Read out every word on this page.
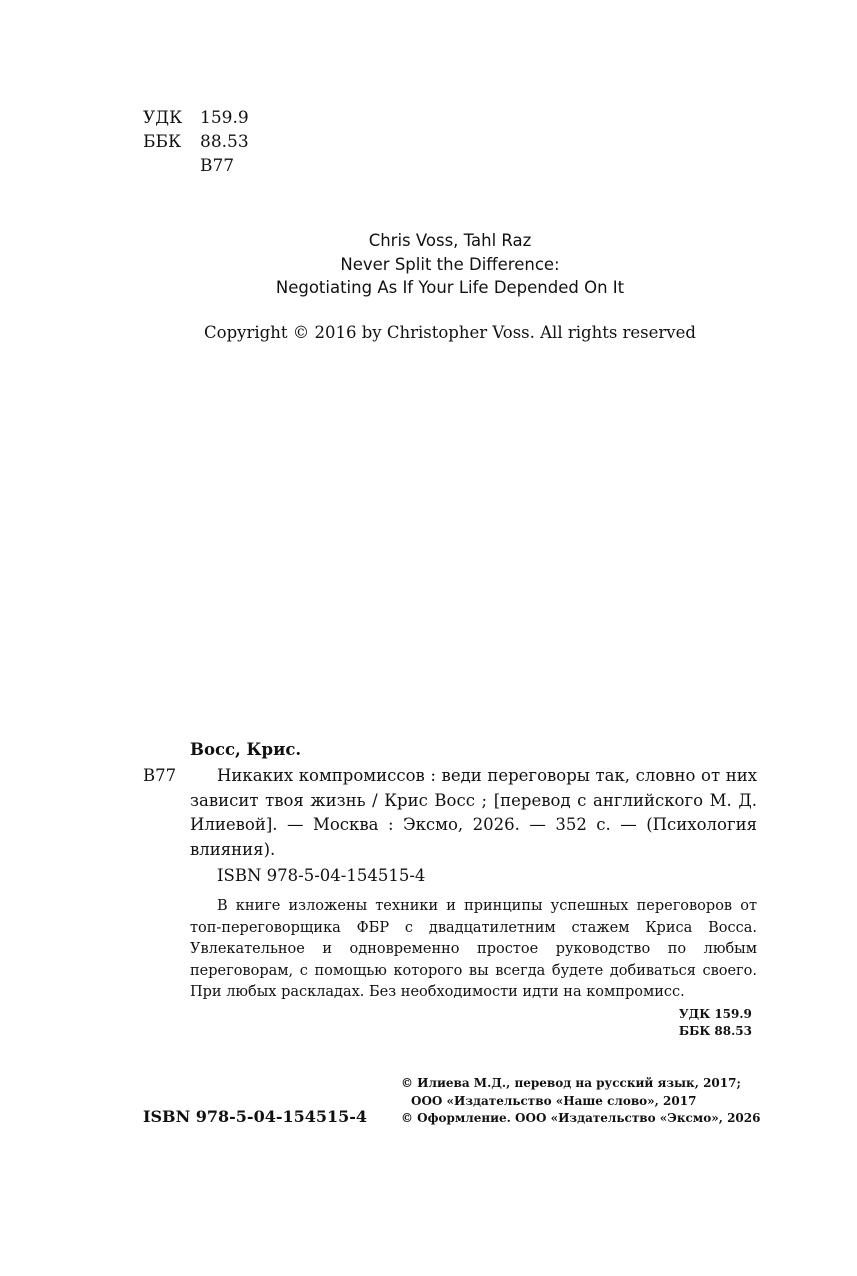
УДК 159.9
ББК 88.53
В77
Chris Voss, Tahl Raz
Never Split the Difference:
Negotiating As If Your Life Depended On It
Copyright © 2016 by Christopher Voss. All rights reserved
Восс, Крис.
В77	Никаких компромиссов : веди переговоры так, словно от них зависит твоя жизнь / Крис Восс ; [перевод с английского М. Д. Илиевой]. — Москва : Эксмо, 2026. — 352 с. — (Психология влияния).

ISBN 978-5-04-154515-4

В книге изложены техники и принципы успешных переговоров от топ-переговорщика ФБР с двадцатилетним стажем Криса Восса. Увлекательное и одновременно простое руководство по любым переговорам, с помощью которого вы всегда будете добиваться своего. При любых раскладах. Без необходимости идти на компромисс.

УДК 159.9
ББК 88.53
© Илиева М.Д., перевод на русский язык, 2017;
ООО «Издательство «Наше слово», 2017
© Оформление. ООО «Издательство «Эксмо», 2026
ISBN 978-5-04-154515-4
